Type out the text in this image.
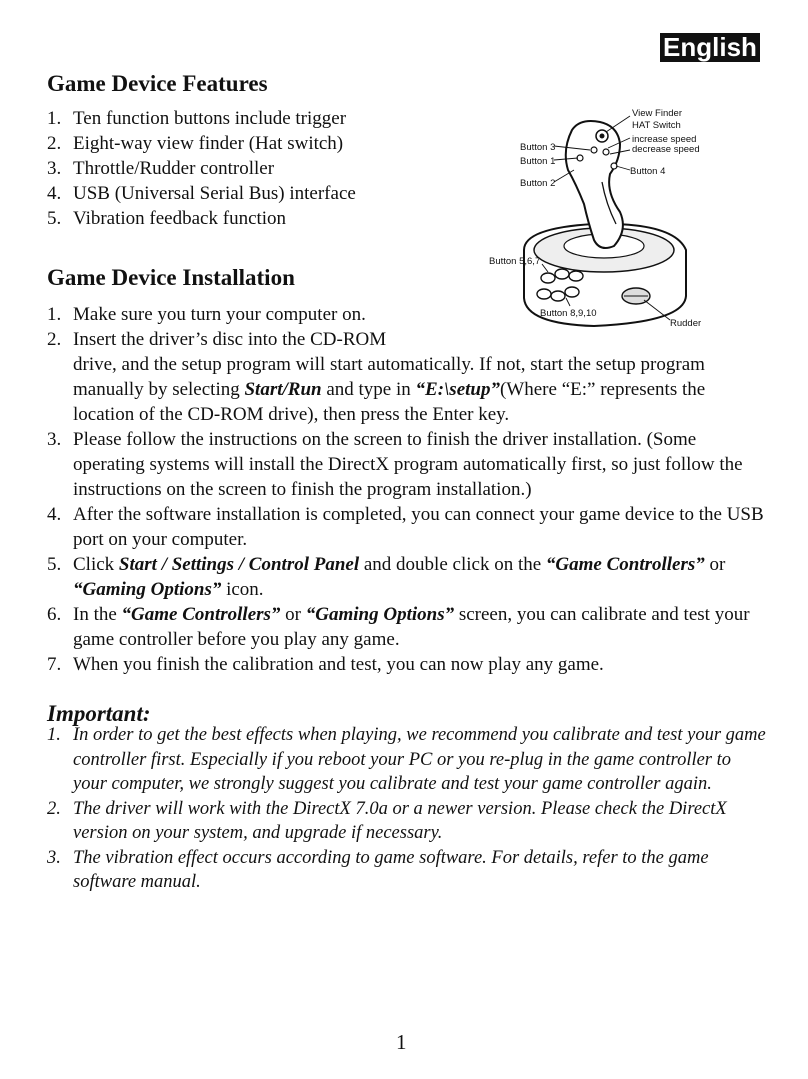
English
Game Device Features
1. Ten function buttons include trigger
2. Eight-way view finder (Hat switch)
3. Throttle/Rudder controller
4. USB (Universal Serial Bus) interface
5. Vibration feedback function
View Finder
HAT Switch
increase speed
decrease speed
Button 3
Button 1
Button 2
Button 4
Button 5,6,7
Button 8,9,10
Rudder
Game Device Installation
1. Make sure you turn your computer on.
2. Insert the driver’s disc into the CD-ROM
drive, and the setup program will start automatically. If not, start the setup program manually by selecting Start/Run and type in “E:\setup”(Where “E:” represents the location of the CD-ROM drive), then press the Enter key.
3. Please follow the instructions on the screen to finish the driver installation. (Some operating systems will install the DirectX program automatically first, so just follow the instructions on the screen to finish the program installation.)
4. After the software installation is completed, you can connect your game device to the USB port on your computer.
5. Click Start / Settings / Control Panel and double click on the “Game Controllers” or “Gaming Options” icon.
6. In the “Game Controllers” or “Gaming Options” screen, you can calibrate and test your game controller before you play any game.
7. When you finish the calibration and test, you can now play any game.
Important:
1. In order to get the best effects when playing, we recommend you calibrate and test your game controller first. Especially if you reboot your PC or you re-plug in the game controller to your computer, we strongly suggest you calibrate and test your game controller again.
2. The driver will work with the DirectX 7.0a or a newer version. Please check the DirectX version on your system, and upgrade if necessary.
3. The vibration effect occurs according to game software. For details, refer to the game software manual.
1
